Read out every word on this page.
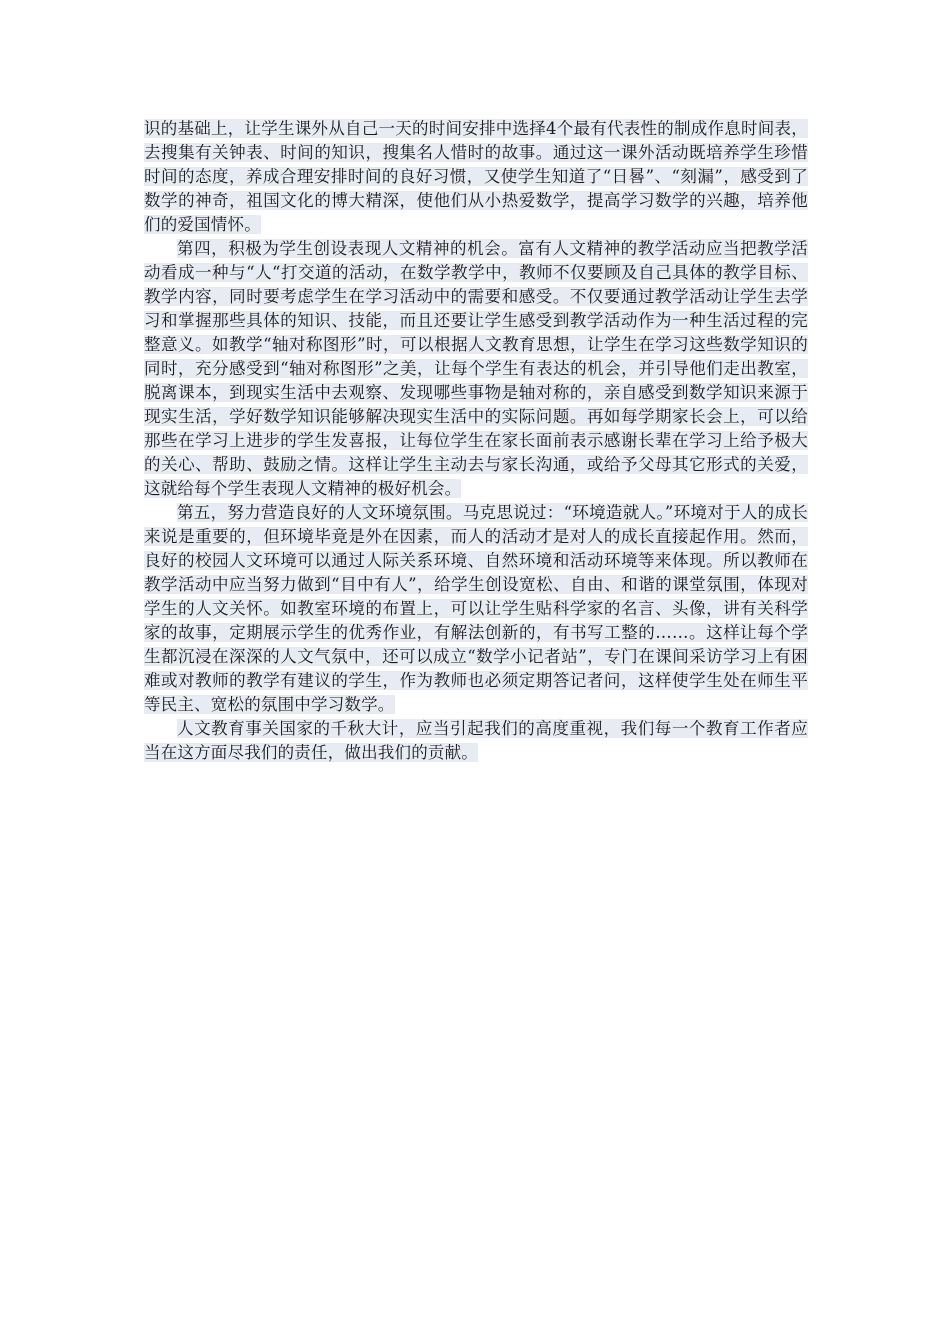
识的基础上，让学生课外从自己一天的时间安排中选择4个最有代表性的制成作息时间表，去搜集有关钟表、时间的知识，搜集名人惜时的故事。通过这一课外活动既培养学生珍惜时间的态度，养成合理安排时间的良好习惯，又使学生知道了“日晷”、“刻漏”，感受到了数学的神奇，祖国文化的博大精深，使他们从小热爱数学，提高学习数学的兴趣，培养他们的爱国情怀。

第四，积极为学生创设表现人文精神的机会。富有人文精神的教学活动应当把教学活动看成一种与“人“打交道的活动，在数学教学中，教师不仅要顾及自己具体的教学目标、教学内容，同时要考虑学生在学习活动中的需要和感受。不仅要通过教学活动让学生去学习和掌握那些具体的知识、技能，而且还要让学生感受到教学活动作为一种生活过程的完整意义。如教学“轴对称图形”时，可以根据人文教育思想，让学生在学习这些数学知识的同时，充分感受到“轴对称图形”之美，让每个学生有表达的机会，并引导他们走出教室，脱离课本，到现实生活中去观察、发现哪些事物是轴对称的，亲自感受到数学知识来源于现实生活，学好数学知识能够解决现实生活中的实际问题。再如每学期家长会上，可以给那些在学习上进步的学生发喜报，让每位学生在家长面前表示感谢长辈在学习上给予极大的关心、帮助、鼓励之情。这样让学生主动去与家长沟通，或给予父母其它形式的关爱，这就给每个学生表现人文精神的极好机会。

第五，努力营造良好的人文环境氛围。马克思说过：“环境造就人。”环境对于人的成长来说是重要的，但环境毕竟是外在因素，而人的活动才是对人的成长直接起作用。然而，良好的校园人文环境可以通过人际关系环境、自然环境和活动环境等来体现。所以教师在教学活动中应当努力做到“目中有人”，给学生创设宽松、自由、和谐的课堂氛围，体现对学生的人文关怀。如教室环境的布置上，可以让学生贴科学家的名言、头像，讲有关科学家的故事，定期展示学生的优秀作业，有解法创新的，有书写工整的……。这样让每个学生都沉浸在深深的人文气氛中，还可以成立“数学小记者站”，专门在课间采访学习上有困难或对教师的教学有建议的学生，作为教师也必须定期答记者问，这样使学生处在师生平等民主、宽松的氛围中学习数学。

人文教育事关国家的千秋大计，应当引起我们的高度重视，我们每一个教育工作者应当在这方面尽我们的责任，做出我们的贡献。
